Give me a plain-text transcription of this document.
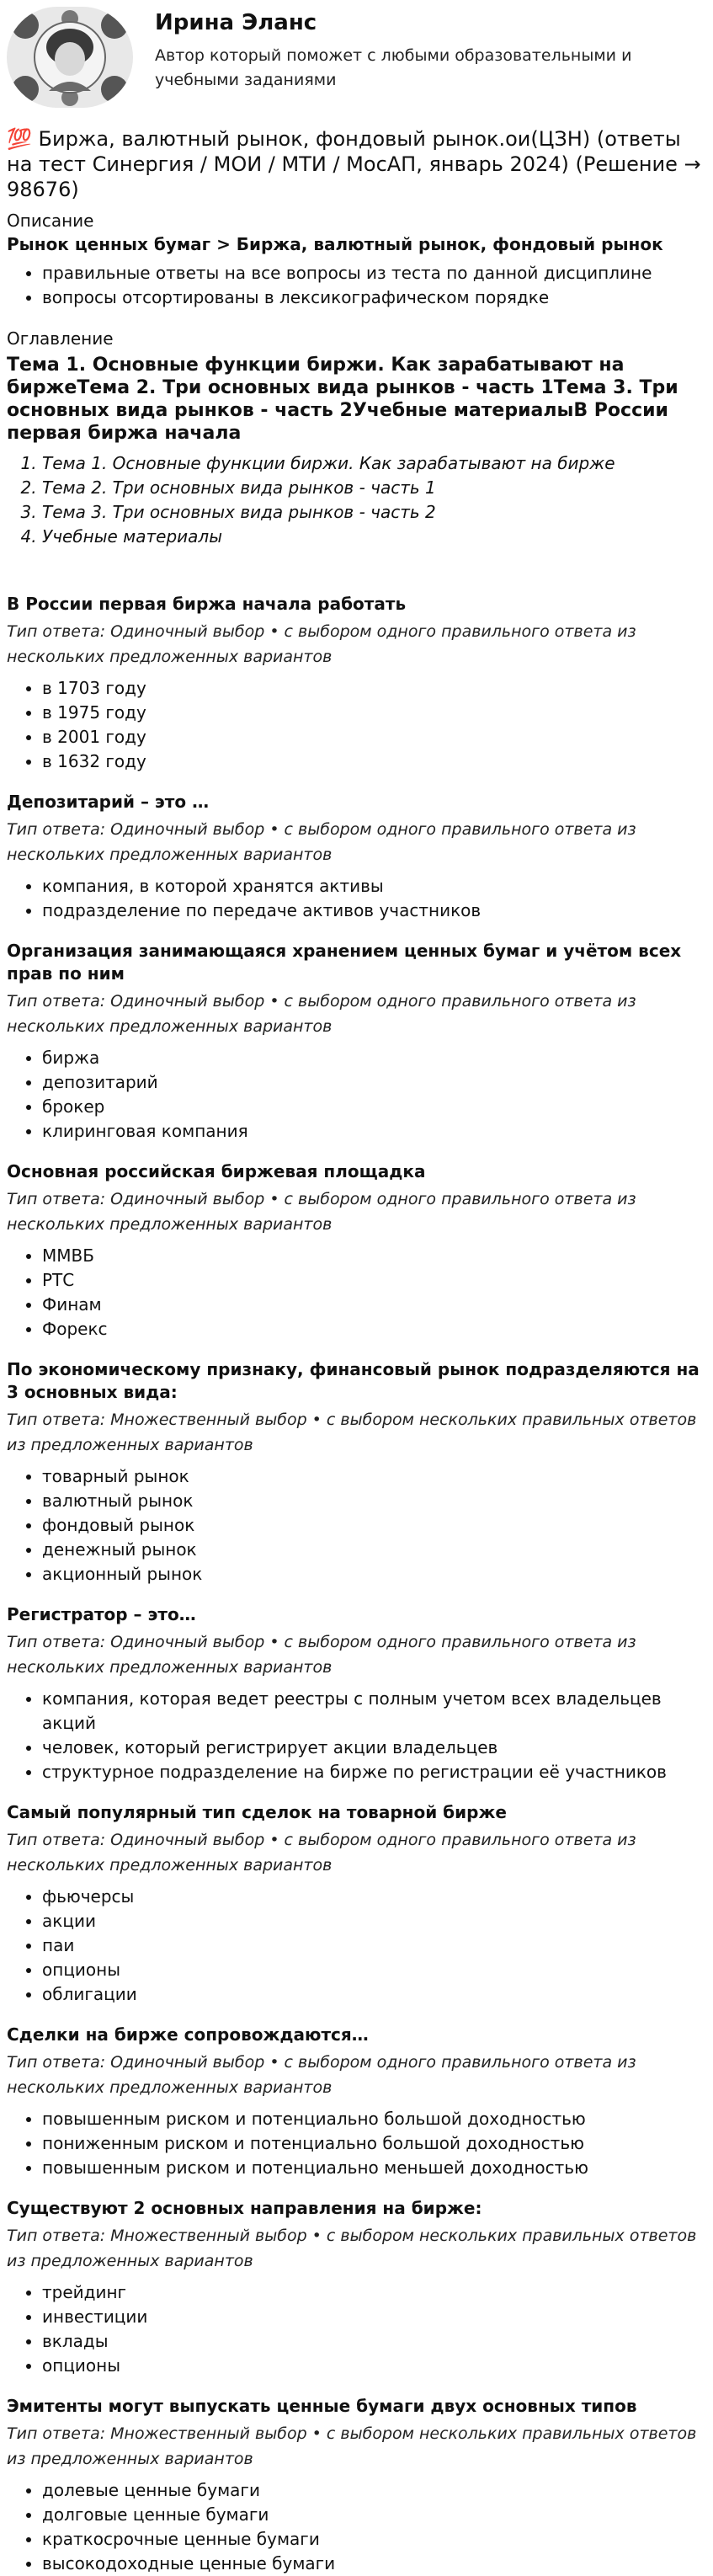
Ирина Эланс
Автор который поможет с любыми образовательными и учебными заданиями
💯 Биржа, валютный рынок, фондовый рынок.ои(ЦЗН) (ответы на тест Синергия / МОИ / МТИ / МосАП, январь 2024) (Решение → 98676)
Описание
Рынок ценных бумаг > Биржа, валютный рынок, фондовый рынок
• правильные ответы на все вопросы из теста по данной дисциплине
• вопросы отсортированы в лексикографическом порядке
Оглавление
Тема 1. Основные функции биржи. Как зарабатывают на биржеТема 2. Три основных вида рынков - часть 1Тема 3. Три основных вида рынков - часть 2Учебные материалыВ России первая биржа начала
1. Тема 1. Основные функции биржи. Как зарабатывают на бирже
2. Тема 2. Три основных вида рынков - часть 1
3. Тема 3. Три основных вида рынков - часть 2
4. Учебные материалы
В России первая биржа начала работать
Тип ответа: Одиночный выбор • с выбором одного правильного ответа из нескольких предложенных вариантов
• в 1703 году
• в 1975 году
• в 2001 году
• в 1632 году
Депозитарий – это …
Тип ответа: Одиночный выбор • с выбором одного правильного ответа из нескольких предложенных вариантов
• компания, в которой хранятся активы
• подразделение по передаче активов участников
Организация занимающаяся хранением ценных бумаг и учётом всех прав по ним
Тип ответа: Одиночный выбор • с выбором одного правильного ответа из нескольких предложенных вариантов
• биржа
• депозитарий
• брокер
• клиринговая компания
Основная российская биржевая площадка
Тип ответа: Одиночный выбор • с выбором одного правильного ответа из нескольких предложенных вариантов
• ММВБ
• РТС
• Финам
• Форекс
По экономическому признаку, финансовый рынок подразделяются на 3 основных вида:
Тип ответа: Множественный выбор • с выбором нескольких правильных ответов из предложенных вариантов
• товарный рынок
• валютный рынок
• фондовый рынок
• денежный рынок
• акционный рынок
Регистратор – это…
Тип ответа: Одиночный выбор • с выбором одного правильного ответа из нескольких предложенных вариантов
• компания, которая ведет реестры с полным учетом всех владельцев акций
• человек, который регистрирует акции владельцев
• структурное подразделение на бирже по регистрации её участников
Самый популярный тип сделок на товарной бирже
Тип ответа: Одиночный выбор • с выбором одного правильного ответа из нескольких предложенных вариантов
• фьючерсы
• акции
• паи
• опционы
• облигации
Сделки на бирже сопровождаются…
Тип ответа: Одиночный выбор • с выбором одного правильного ответа из нескольких предложенных вариантов
• повышенным риском и потенциально большой доходностью
• пониженным риском и потенциально большой доходностью
• повышенным риском и потенциально меньшей доходностью
Существуют 2 основных направления на бирже:
Тип ответа: Множественный выбор • с выбором нескольких правильных ответов из предложенных вариантов
• трейдинг
• инвестиции
• вклады
• опционы
Эмитенты могут выпускать ценные бумаги двух основных типов
Тип ответа: Множественный выбор • с выбором нескольких правильных ответов из предложенных вариантов
• долевые ценные бумаги
• долговые ценные бумаги
• краткосрочные ценные бумаги
• высокодоходные ценные бумаги
